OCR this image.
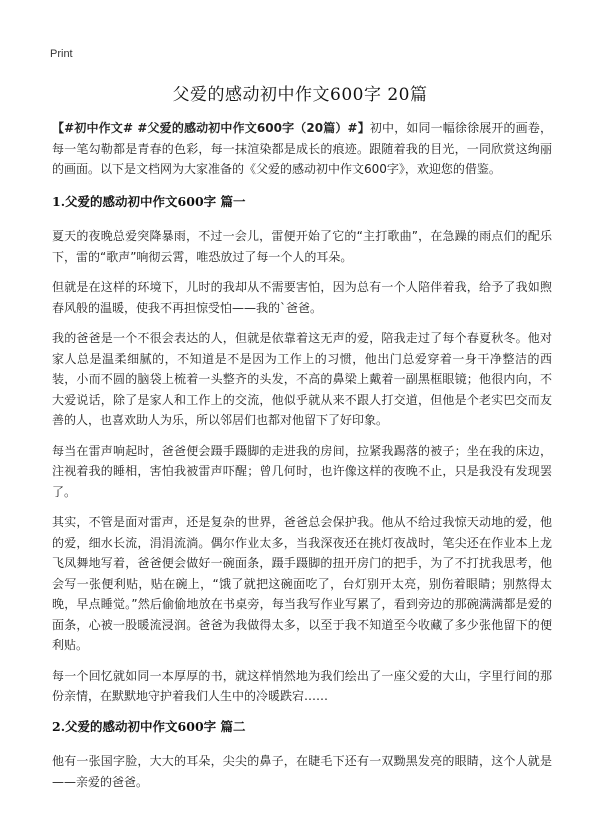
Print
父爱的感动初中作文600字 20篇

【#初中作文# #父爱的感动初中作文600字（20篇）#】初中，如同一幅徐徐展开的画卷，每一笔勾勒都是青春的色彩，每一抹渲染都是成长的痕迹。跟随着我的目光，一同欣赏这绚丽的画面。以下是文档网为大家准备的《父爱的感动初中作文600字》，欢迎您的借鉴。

1.父爱的感动初中作文600字 篇一

夏天的夜晚总爱突降暴雨，不过一会儿，雷便开始了它的“主打歌曲”，在急躁的雨点们的配乐下，雷的“歌声”响彻云霄，唯恐放过了每一个人的耳朵。

但就是在这样的环境下，儿时的我却从不需要害怕，因为总有一个人陪伴着我，给予了我如煦春风般的温暖，使我不再担惊受怕——我的`爸爸。

我的爸爸是一个不很会表达的人，但就是依靠着这无声的爱，陪我走过了每个春夏秋冬。他对家人总是温柔细腻的，不知道是不是因为工作上的习惯，他出门总爱穿着一身干净整洁的西装，小而不圆的脑袋上梳着一头整齐的头发，不高的鼻梁上戴着一副黑框眼镜；他很内向，不大爱说话，除了是家人和工作上的交流，他似乎就从来不跟人打交道，但他是个老实巴交而友善的人，也喜欢助人为乐，所以邻居们也都对他留下了好印象。

每当在雷声响起时，爸爸便会蹑手蹑脚的走进我的房间，拉紧我踢落的被子；坐在我的床边，注视着我的睡相，害怕我被雷声吓醒；曾几何时，也许像这样的夜晚不止，只是我没有发现罢了。

其实，不管是面对雷声，还是复杂的世界，爸爸总会保护我。他从不给过我惊天动地的爱，他的爱，细水长流，涓涓流淌。偶尔作业太多，当我深夜还在挑灯夜战时，笔尖还在作业本上龙飞凤舞地写着，爸爸便会做好一碗面条，蹑手蹑脚的扭开房门的把手，为了不打扰我思考，他会写一张便利贴，贴在碗上，“饿了就把这碗面吃了，台灯别开太亮，别伤着眼睛；别熬得太晚，早点睡觉。”然后偷偷地放在书桌旁，每当我写作业写累了，看到旁边的那碗满满都是爱的面条，心被一股暖流浸润。爸爸为我做得太多，以至于我不知道至今收藏了多少张他留下的便利贴。

每一个回忆就如同一本厚厚的书，就这样悄然地为我们绘出了一座父爱的大山，字里行间的那份亲情，在默默地守护着我们人生中的冷暖跌宕……

2.父爱的感动初中作文600字 篇二

他有一张国字脸，大大的耳朵，尖尖的鼻子，在睫毛下还有一双黝黑发亮的眼睛，这个人就是——亲爱的爸爸。
